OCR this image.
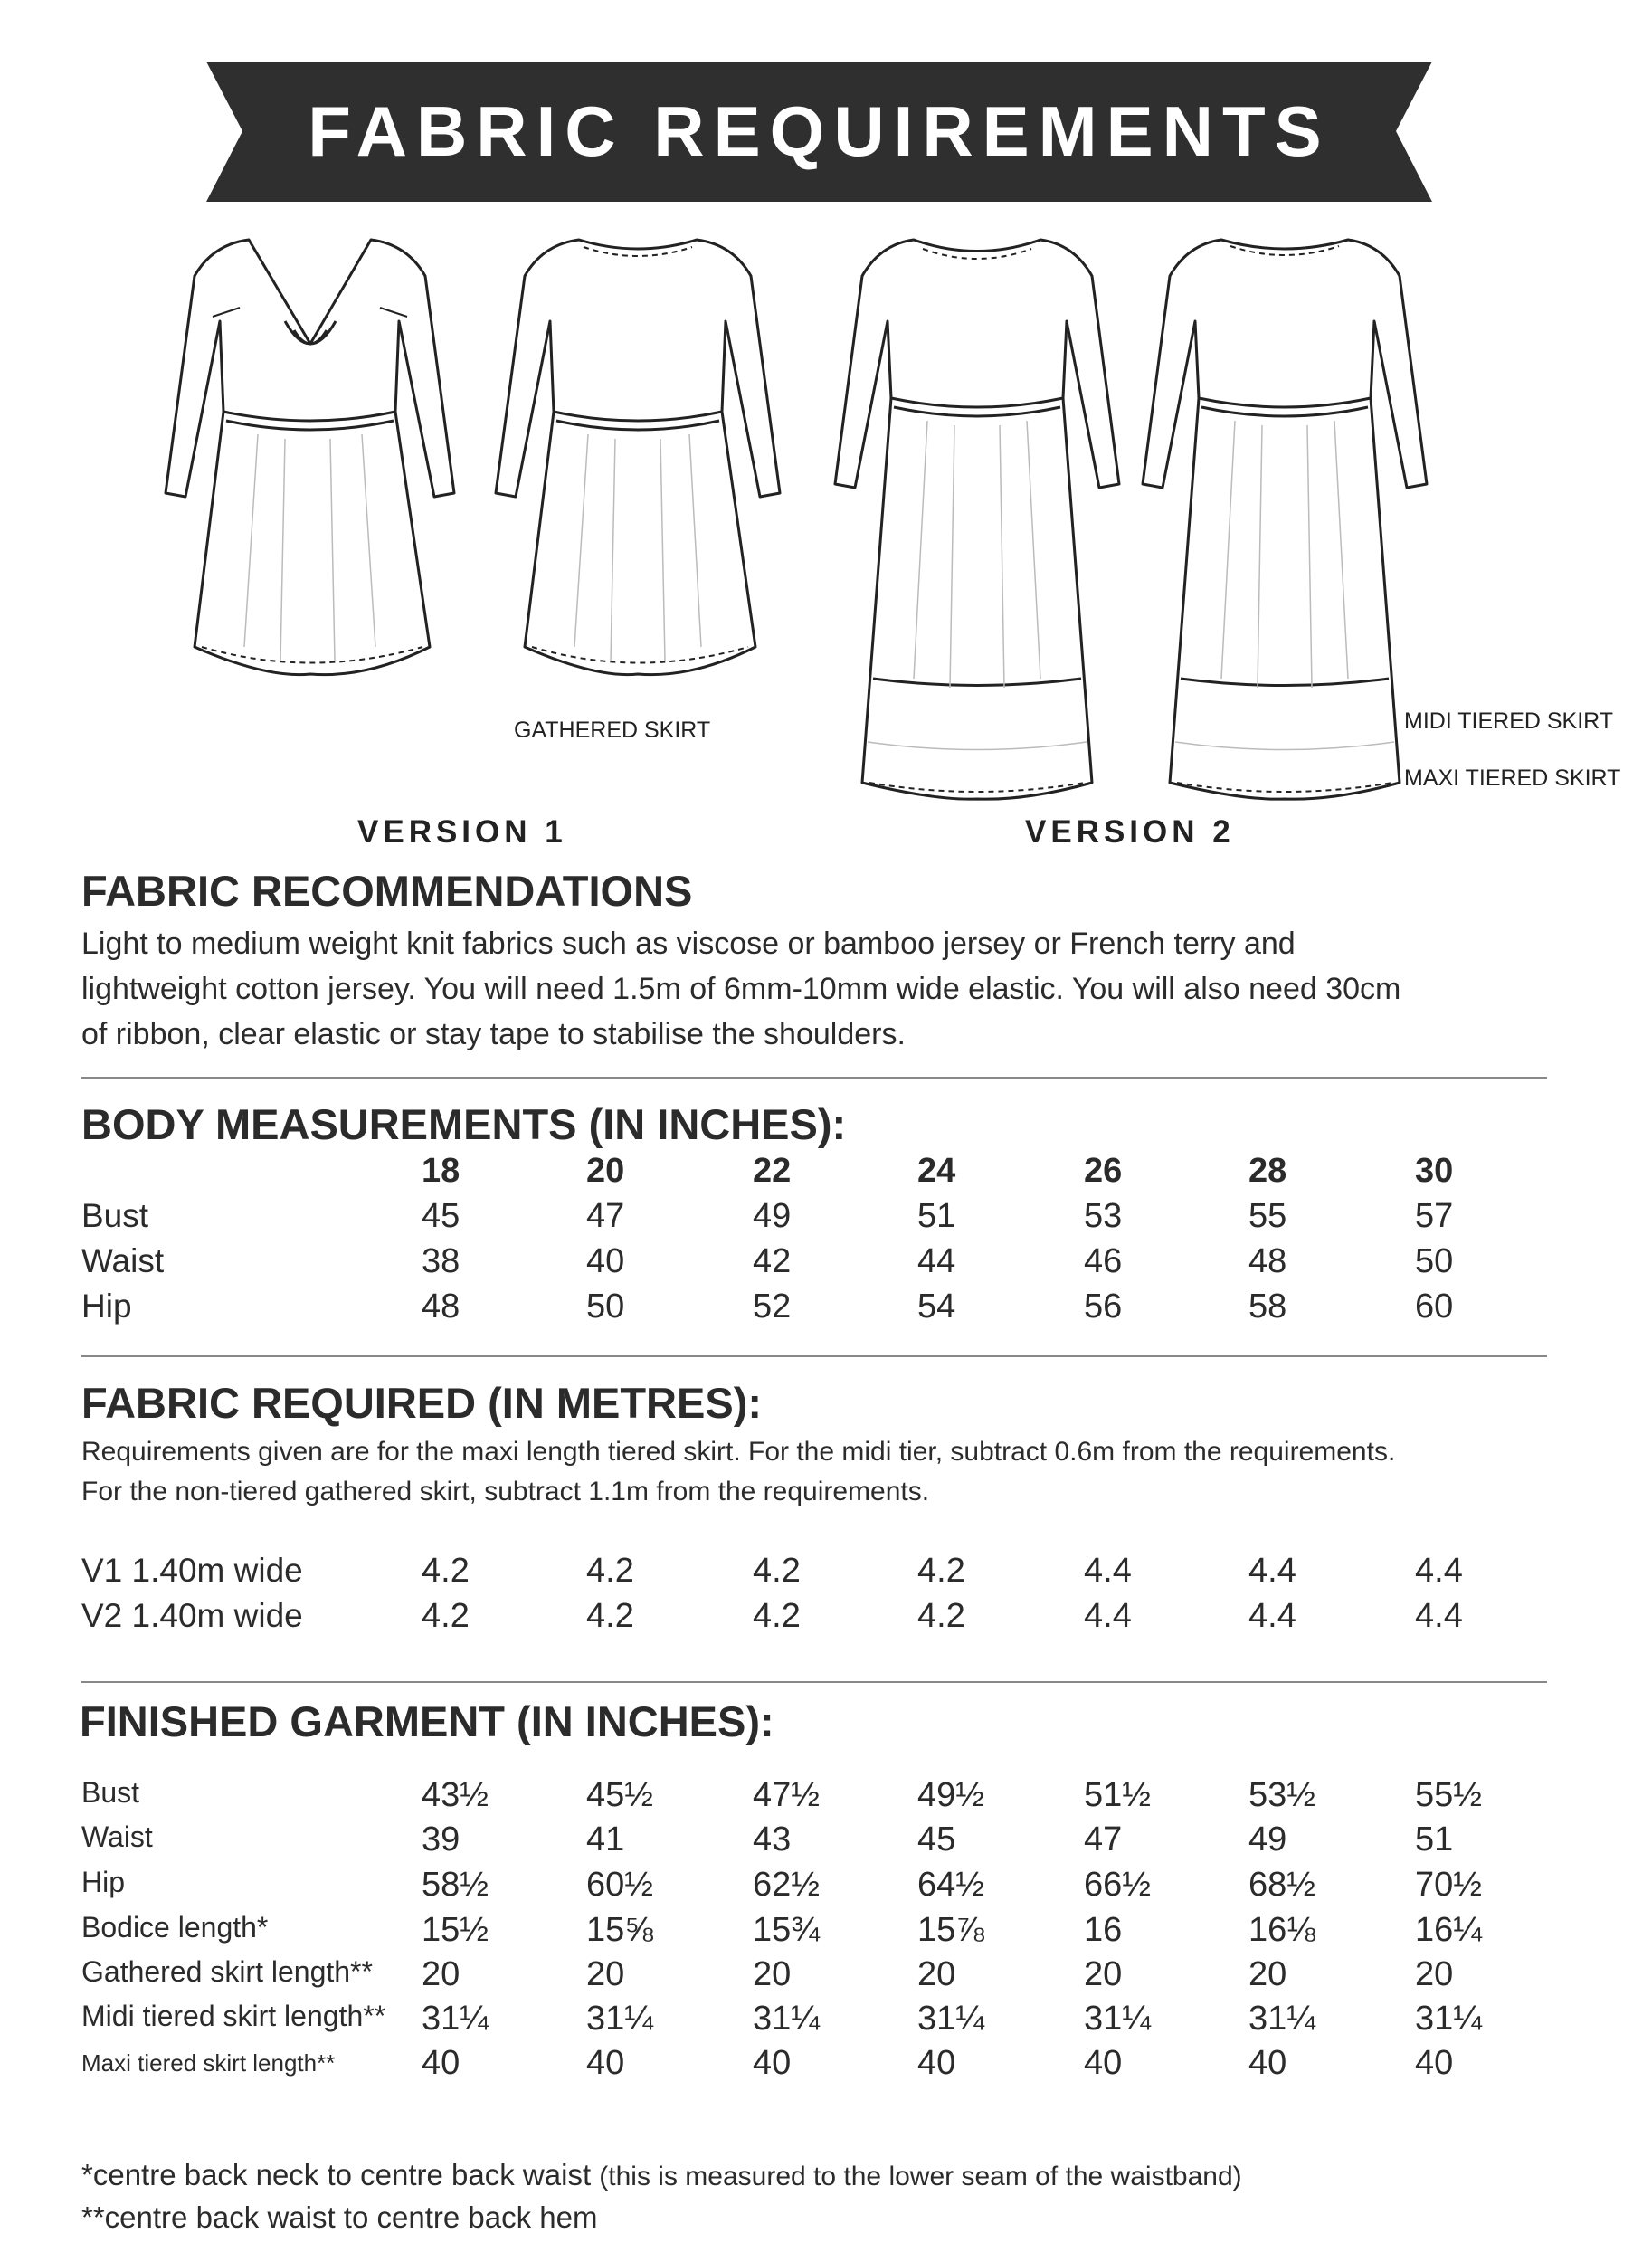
FABRIC REQUIREMENTS
GATHERED SKIRT	MIDI TIERED SKIRT
MAXI TIERED SKIRT
VERSION 1	VERSION 2
FABRIC RECOMMENDATIONS
Light to medium weight knit fabrics such as viscose or bamboo jersey or French terry and
lightweight cotton jersey. You will need 1.5m of 6mm-10mm wide elastic. You will also need 30cm
of ribbon, clear elastic or stay tape to stabilise the shoulders.
BODY MEASUREMENTS (IN INCHES):
18	20	22	24	26	28	30
Bust	45	47	49	51	53	55	57
Waist	38	40	42	44	46	48	50
Hip	48	50	52	54	56	58	60
FABRIC REQUIRED (IN METRES):
Requirements given are for the maxi length tiered skirt. For the midi tier, subtract 0.6m from the requirements.
For the non-tiered gathered skirt, subtract 1.1m from the requirements.
V1 1.40m wide	4.2	4.2	4.2	4.2	4.4	4.4	4.4
V2 1.40m wide	4.2	4.2	4.2	4.2	4.4	4.4	4.4
FINISHED GARMENT (IN INCHES):
Bust	43½	45½	47½	49½	51½	53½	55½
Waist	39	41	43	45	47	49	51
Hip	58½	60½	62½	64½	66½	68½	70½
Bodice length*	15½	15⅝	15¾	15⅞	16	16⅛	16¼
Gathered skirt length** 20	20	20	20	20	20	20
Midi tiered skirt length** 31¼	31¼	31¼	31¼	31¼	31¼	31¼
Maxi tiered skirt length**	40	40	40	40	40	40	40
*centre back neck to centre back waist (this is measured to the lower seam of the waistband)
**centre back waist to centre back hem
